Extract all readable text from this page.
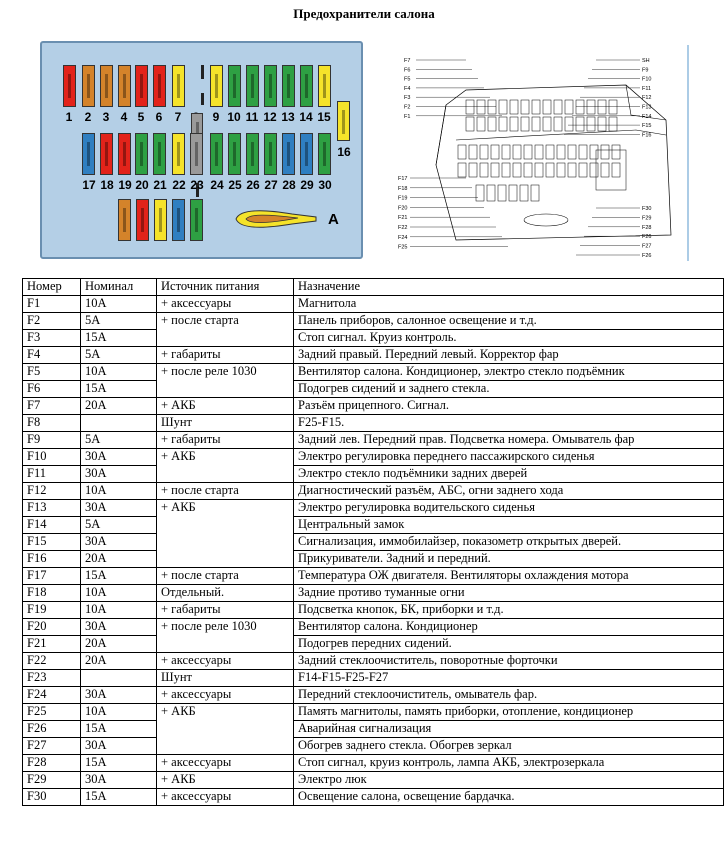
Предохранители салона
1	2 3 4 5 6	7	9 10 11 12 13 14 15
16
17 18 19 20 21 22 23 24 25 26 27 28 29 30
A
F7
F6
F5
F4
F3
F2
F1
SH
F9
F10
F11
F12
F13
F14
F15
F16
F17
F18
F19
F20
F21
F22
F24
F25
F30
F29
F28
F26
F27
F26
Номер	Номинал	Источник питания	Назначение
F1	10А	+ аксессуары	Магнитола
F2	5А	+ после старта	Панель приборов, салонное освещение и т.д.
F3	15А		Стоп сигнал. Круиз контроль.
F4	5А	+ габариты	Задний правый. Передний левый. Корректор фар
F5	10А	+ после реле 1030	Вентилятор салона. Кондиционер, электро стекло подъёмник
F6	15А		Подогрев сидений и заднего стекла.
F7	20А	+ АКБ	Разъём прицепного. Сигнал.
F8		Шунт	F25-F15.
F9	5А	+ габариты	Задний лев. Передний прав. Подсветка номера. Омыватель фар
F10	30А	+ АКБ	Электро регулировка переднего пассажирского сиденья
F11	30А		Электро стекло подъёмники задних дверей
F12	10А	+ после старта	Диагностический разъём, АБС, огни заднего хода
F13	30А	+ АКБ	Электро регулировка водительского сиденья
F14	5А		Центральный замок
F15	30А		Сигнализация, иммобилайзер, показометр открытых дверей.
F16	20А		Прикуриватели. Задний и передний.
F17	15А	+ после старта	Температура ОЖ двигателя. Вентиляторы охлаждения мотора
F18	10А	Отдельный.	Задние противо туманные огни
F19	10А	+ габариты	Подсветка кнопок, БК, приборки и т.д.
F20	30А	+ после реле 1030	Вентилятор салона. Кондиционер
F21	20А		Подогрев передних сидений.
F22	20А	+ аксессуары	Задний стеклоочиститель, поворотные форточки
F23		Шунт	F14-F15-F25-F27
F24	30А	+ аксессуары	Передний стеклоочиститель, омыватель фар.
F25	10А	+ АКБ	Память магнитолы, память приборки, отопление, кондиционер
F26	15А		Аварийная сигнализация
F27	30А		Обогрев заднего стекла. Обогрев зеркал
F28	15А	+ аксессуары	Стоп сигнал, круиз контроль, лампа АКБ, электрозеркала
F29	30А	+ АКБ	Электро люк
F30	15А	+ аксессуары	Освещение салона, освещение бардачка.
